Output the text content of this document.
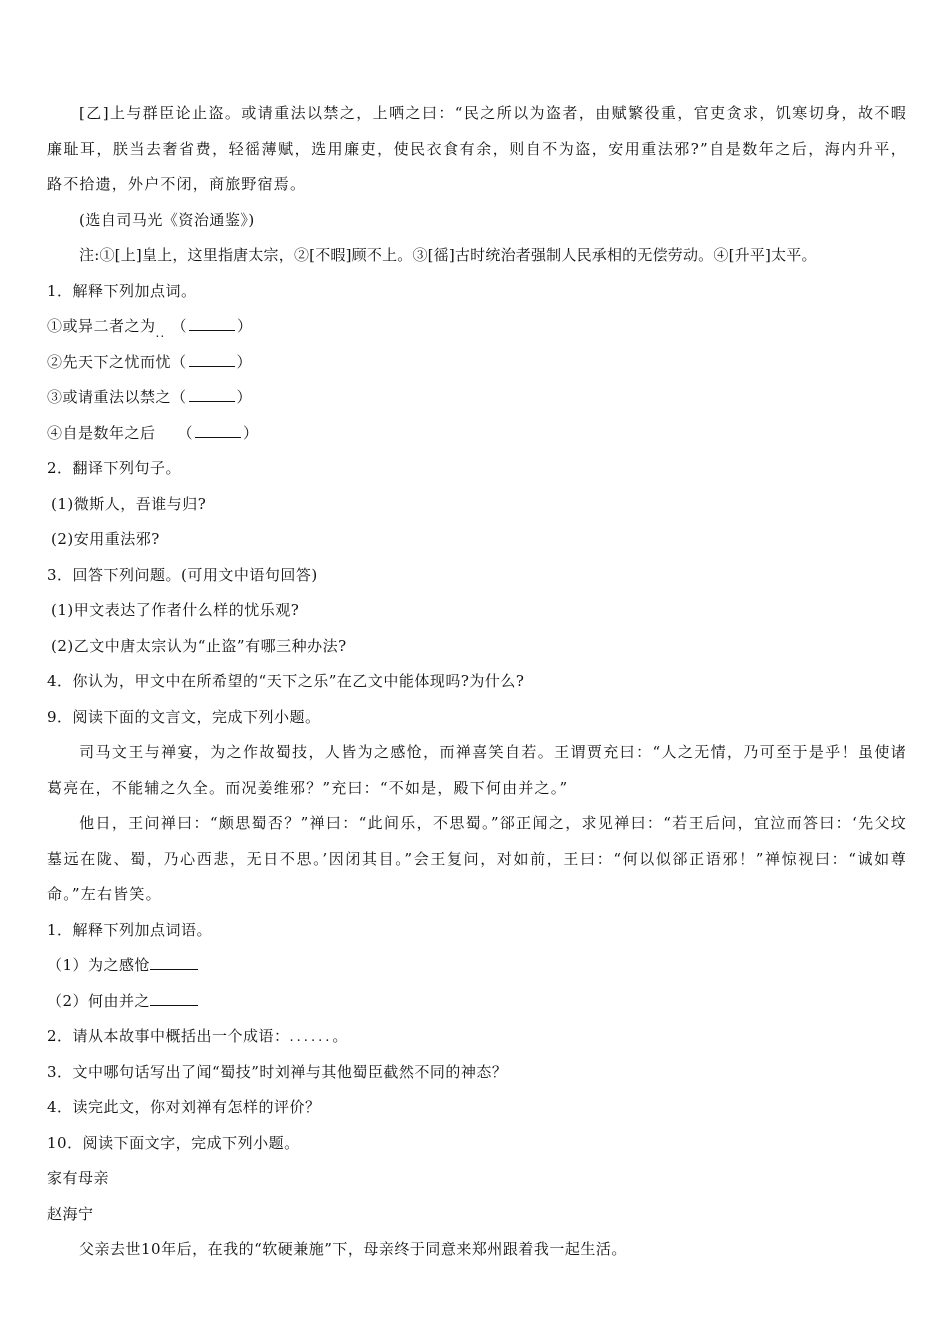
[乙]上与群臣论止盗。或请重法以禁之，上哂之曰：“民之所以为盗者，由赋繁役重，官吏贪求，饥寒切身，故不暇廉耻耳，朕当去奢省费，轻徭薄赋，选用廉吏，使民衣食有余，则自不为盗，安用重法邪?”自是数年之后，海内升平，路不拾遗，外户不闭，商旅野宿焉。
(选自司马光《资治通鉴》)
注:①[上]皇上，这里指唐太宗，②[不暇]顾不上。③[徭]古时统治者强制人民承相的无偿劳动。④[升平]太平。
1．解释下列加点词。
①或异二者之为.. （	）
②先天下之忧而忧（	）
③或请重法以禁之（	）
④自是数年之后 （	）
2．翻译下列句子。
(1)微斯人，吾谁与归?
(2)安用重法邪?
3．回答下列问题。(可用文中语句回答)
(1)甲文表达了作者什么样的忧乐观?
(2)乙文中唐太宗认为“止盗”有哪三种办法?
4．你认为，甲文中在所希望的“天下之乐”在乙文中能体现吗?为什么?
9．阅读下面的文言文，完成下列小题。
司马文王与禅宴，为之作故蜀技，人皆为之感怆，而禅喜笑自若。王谓贾充曰：“人之无情，乃可至于是乎！虽使诸葛亮在，不能辅之久全。而况姜维邪？”充曰：“不如是，殿下何由并之。”
他日，王问禅曰：“颇思蜀否？”禅曰：“此间乐，不思蜀。”郤正闻之，求见禅曰：“若王后问，宜泣而答曰：‘先父坟墓远在陇、蜀，乃心西悲，无日不思。’因闭其目。”会王复问，对如前，王曰：“何以似郤正语邪！”禅惊视曰：“诚如尊命。”左右皆笑。
1．解释下列加点词语。
（1）为之感怆
（2）何由并之
2．请从本故事中概括出一个成语：......。
3．文中哪句话写出了闻“蜀技”时刘禅与其他蜀臣截然不同的神态？
4．读完此文，你对刘禅有怎样的评价？
10．阅读下面文字，完成下列小题。
家有母亲
赵海宁
父亲去世10年后，在我的“软硬兼施”下，母亲终于同意来郑州跟着我一起生活。
